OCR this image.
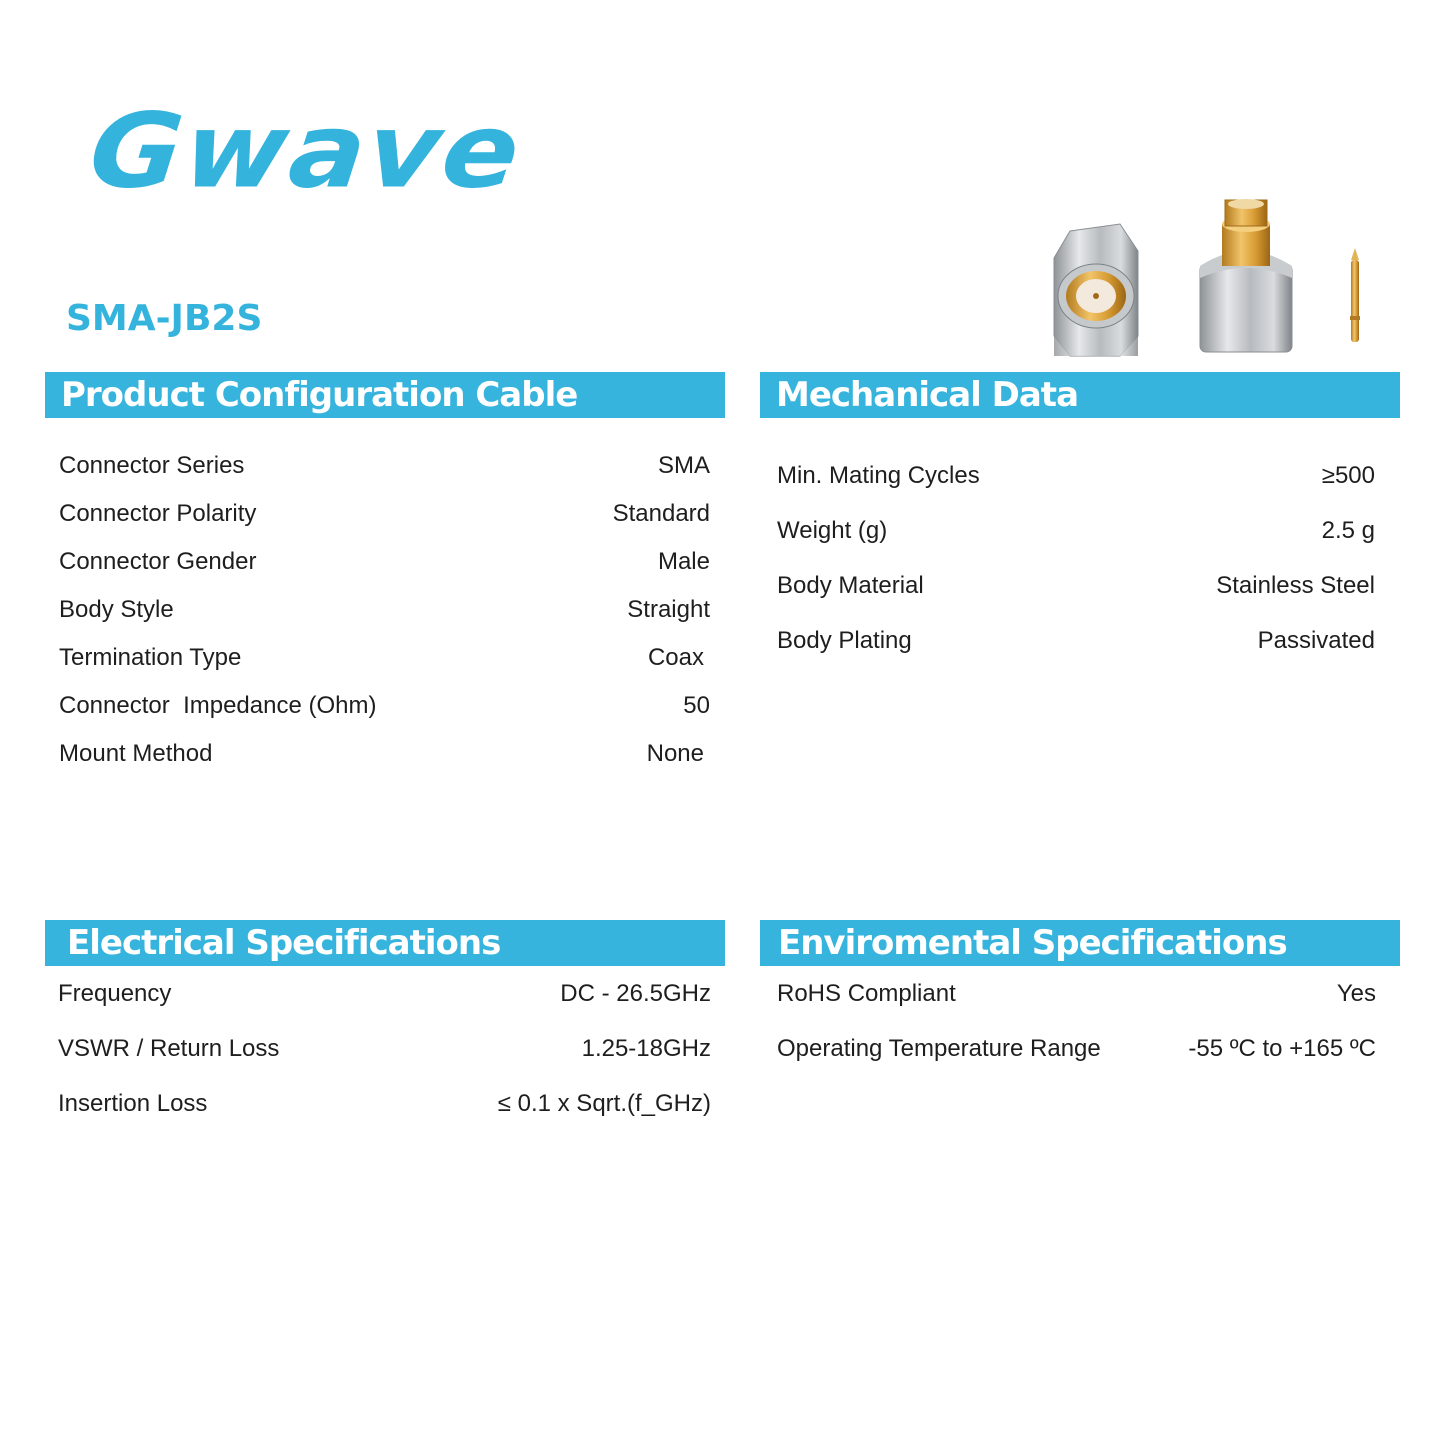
Gwave
SMA-JB2S
Product Configuration Cable
Connector Series	SMA
Connector Polarity	Standard
Connector Gender	Male
Body Style	Straight
Termination Type	Coax
Connector  Impedance (Ohm)	50
Mount Method	None
Mechanical Data
Min. Mating Cycles	≥500
Weight (g)	2.5 g
Body Material	Stainless Steel
Body Plating	Passivated
Electrical Specifications
Frequency	DC - 26.5GHz
VSWR / Return Loss	1.25-18GHz
Insertion Loss	≤ 0.1 x Sqrt.(f_GHz)
Enviromental Specifications
RoHS Compliant	Yes
Operating Temperature Range	-55 ºC to +165 ºC
